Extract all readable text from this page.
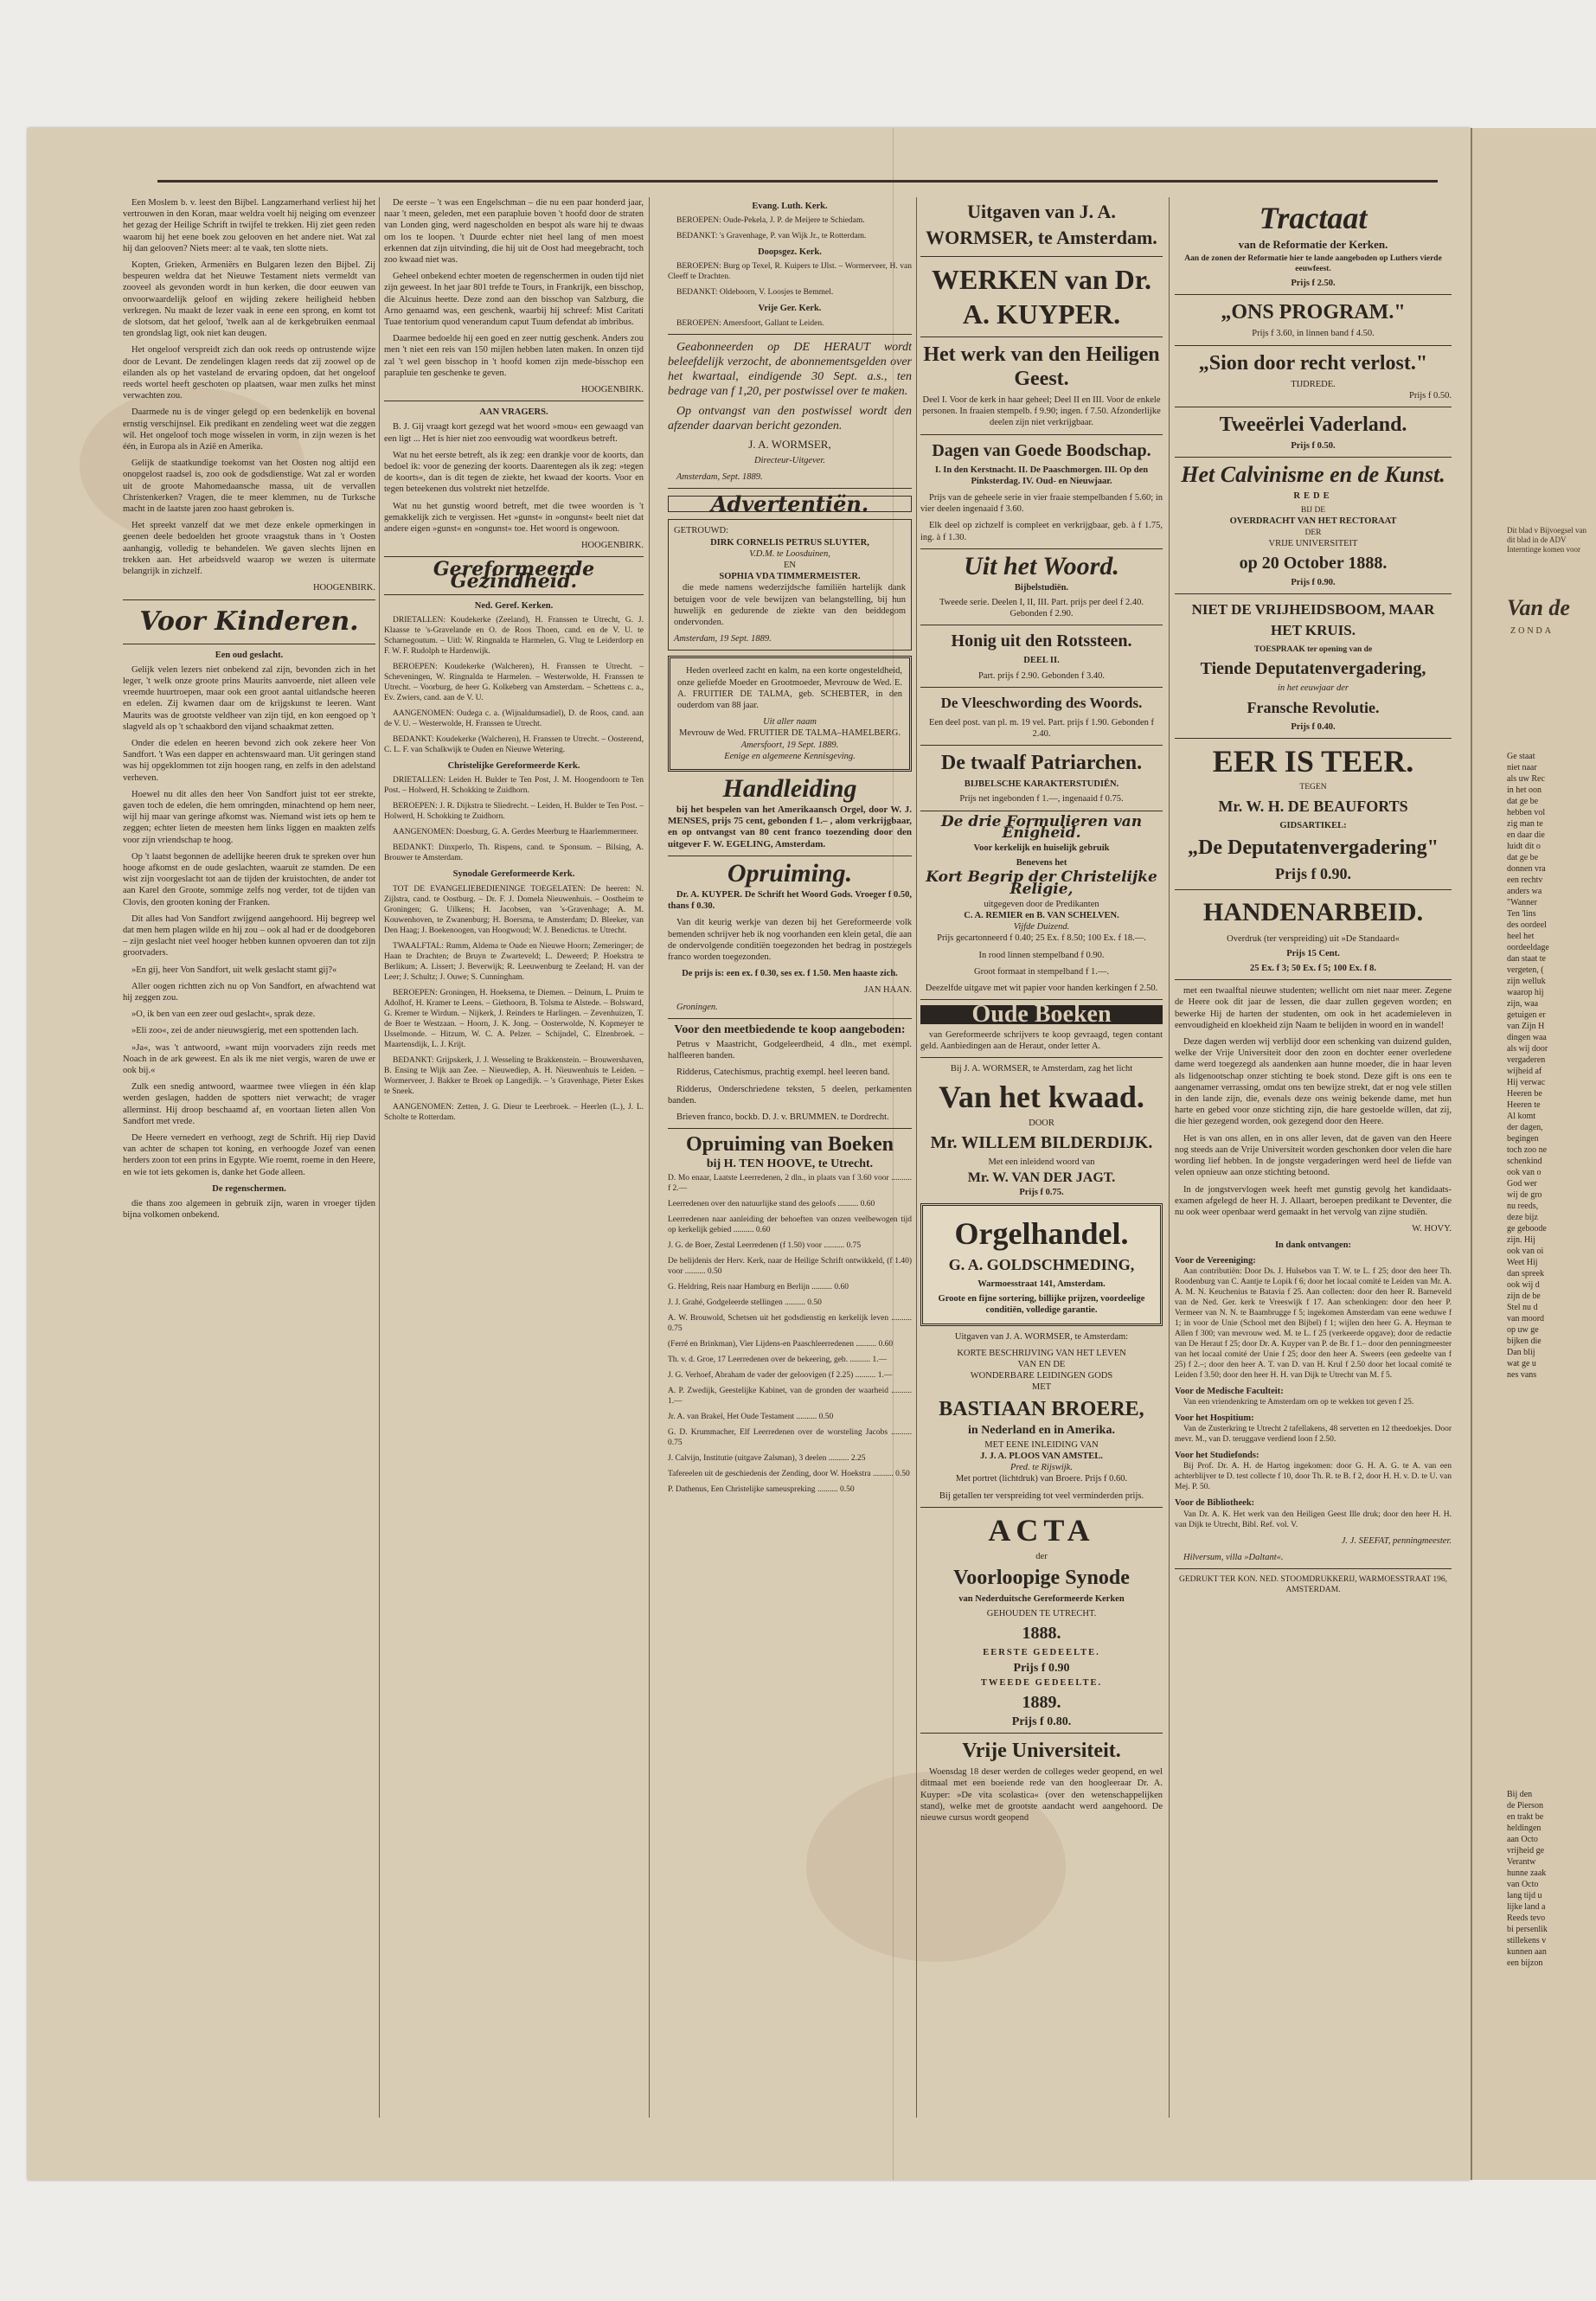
Een Moslem b. v. leest den Bijbel. Langzamerhand verliest hij het vertrouwen in den Koran, maar weldra voelt hij neiging om evenzeer het gezag der Heilige Schrift in twijfel te trekken. Hij ziet geen reden waarom hij het eene boek zou gelooven en het andere niet. Wat zal hij dan gelooven? Niets meer: al te vaak, ten slotte niets.

Kopten, Grieken, Armeniërs en Bulgaren lezen den Bijbel. Zij bespeuren weldra dat het Nieuwe Testament niets vermeldt van zooveel als gevonden wordt in hun kerken, die door eeuwen van onvoorwaardelijk geloof en wijding zekere heiligheid hebben verkregen. Nu maakt de lezer vaak in eene een sprong, en komt tot de slotsom, dat het geloof, 'twelk aan al de kerkgebruiken eenmaal ten grondslag ligt, ook niet kan deugen.

Het ongeloof verspreidt zich dan ook reeds op ontrustende wijze door de Levant. De zendelingen klagen reeds dat zij zoowel op de eilanden als op het vasteland de ervaring opdoen, dat het ongeloof reeds wortel heeft geschoten op plaatsen, waar men zulks het minst verwachten zou.

Daarmede nu is de vinger gelegd op een bedenkelijk en bovenal ernstig verschijnsel. Eik predikant en zendeling weet wat die zeggen wil. Het ongeloof toch moge wisselen in vorm, in zijn wezen is het één, in Europa als in Azië en Amerika.

Gelijk de staatkundige toekomst van het Oosten nog altijd een onopgelost raadsel is, zoo ook de godsdienstige. Wat zal er worden uit de groote Mahomedaansche massa, uit de vervallen Christenkerken? Vragen, die te meer klemmen, nu de Turksche macht in de laatste jaren zoo haast gebroken is.

Het spreekt vanzelf dat we met deze enkele opmerkingen in geenen deele bedoelden het groote vraagstuk thans in 't Oosten aanhangig, volledig te behandelen. We gaven slechts lijnen en trekken aan. Het arbeidsveld waarop we wezen is uitermate belangrijk in zichzelf.

HOOGENBIRK.

Voor Kinderen.
Een oud geslacht.

Gelijk velen lezers niet onbekend zal zijn, bevonden zich in het leger, 't welk onze groote prins Maurits aanvoerde, niet alleen vele vreemde huurtroepen, maar ook een groot aantal uitlandsche heeren en edelen. Zij kwamen daar om de krijgskunst te leeren. Want Maurits was de grootste veldheer van zijn tijd, en kon eengoed op 't slagveld als op 't schaakbord den vijand schaakmat zetten.

Onder die edelen en heeren bevond zich ook zekere heer Von Sandfort. 't Was een dapper en achtenswaard man. Uit geringen stand was hij opgeklommen tot zijn hoogen rang, en zelfs in den adelstand verheven.

Hoewel nu dit alles den heer Von Sandfort juist tot eer strekte, gaven toch de edelen, die hem omringden, minachtend op hem neer, wijl hij maar van geringe afkomst was. Niemand wist iets op hem te zeggen; echter lieten de meesten hem links liggen en maakten zelfs voor zijn vriendschap te hoog.

Op 't laatst begonnen de adellijke heeren druk te spreken over hun hooge afkomst en de oude geslachten, waaruit ze stamden. De een wist zijn voorgeslacht tot aan de tijden der kruistochten, de ander tot aan Karel den Groote, sommige zelfs nog verder, tot de tijden van Clovis, den grooten koning der Franken.

Dit alles had Von Sandfort zwijgend aangehoord. Hij begreep wel dat men hem plagen wilde en hij zou – ook al had er de doodgeboren – zijn geslacht niet veel hooger hebben kunnen opvoeren dan tot zijn grootvaders.

»En gij, heer Von Sandfort, uit welk geslacht stamt gij?«

Aller oogen richtten zich nu op Von Sandfort, en afwachtend wat hij zeggen zou.

»O, ik ben van een zeer oud geslacht«, sprak deze.

»Eli zoo«, zei de ander nieuwsgierig, met een spottenden lach.

»Ja«, was 't antwoord, »want mijn voorvaders zijn reeds met Noach in de ark geweest. En als ik me niet vergis, waren de uwe er ook bij.«

Zulk een snedig antwoord, waarmee twee vliegen in één klap werden geslagen, hadden de spotters niet verwacht; de vrager allerminst. Hij droop beschaamd af, en voortaan lieten allen Von Sandfort met vrede.

De Heere vernedert en verhoogt, zegt de Schrift. Hij riep David van achter de schapen tot koning, en verhoogde Jozef van eenen herders zoon tot een prins in Egypte. Wie roemt, roeme in den Heere, en wie tot iets gekomen is, danke het Gode alleen.

De regenschermen.

die thans zoo algemeen in gebruik zijn, waren in vroeger tijden bijna volkomen onbekend.

De eerste – 't was een Engelschman – die nu een paar honderd jaar, naar 't meen, geleden, met een parapluie boven 't hoofd door de straten van Londen ging, werd nagescholden en bespot als ware hij te dwaas om los te loopen. 't Duurde echter niet heel lang of men moest erkennen dat zijn uitvinding, die hij uit de Oost had meegebracht, toch zoo kwaad niet was.

Geheel onbekend echter moeten de regenschermen in ouden tijd niet zijn geweest. In het jaar 801 trefde te Tours, in Frankrijk, een bisschop, die Alcuinus heette. Deze zond aan den bisschop van Salzburg, die Arno genaamd was, een geschenk, waarbij hij schreef: Mist Caritati Tuae tentorium quod venerandum caput Tuum defendat ab imbribus.

Daarmee bedoelde hij een goed en zeer nuttig geschenk. Anders zou men 't niet een reis van 150 mijlen hebben laten maken. In onzen tijd zal 't wel geen bisschop in 't hoofd komen zijn mede-bisschop een parapluie ten geschenke te geven.

HOOGENBIRK.

AAN VRAGERS.

B. J. Gij vraagt kort gezegd wat het woord »mou« een gewaagd van een ligt ... Het is hier niet zoo eenvoudig wat woordkeus betreft.

Wat nu het eerste betreft, als ik zeg: een drankje voor de koorts, dan bedoel ik: voor de genezing der koorts. Daarentegen als ik zeg: »tegen de koorts«, dan is dit tegen de ziekte, het kwaad der koorts. Voor en tegen beteekenen dus volstrekt niet hetzelfde.

Wat nu het gunstig woord betreft, met die twee woorden is 't gemakkelijk zich te vergissen. Het »gunst« in »ongunst« beelt niet dat andere eigen »gunst« en »ongunst« toe. Het woord is ongewoon.

HOOGENBIRK.

Gereformeerde Gezindheid.
Ned. Geref. Kerken.

DRIETALLEN: Koudekerke (Zeeland), H. Franssen te Utrecht, G. J. Klaasse te 's-Gravelande en O. de Roos Thoen, cand. en de V. U. te Scharnegoutum. – Uitl: W. Ringnalda te Harmelen, G. Vlug te Leiderdorp en F. W. F. Rudolph te Hardenwijk.

BEROEPEN: Koudekerke (Walcheren), H. Franssen te Utrecht. – Scheveningen, W. Ringnalda te Harmelen. – Westerwolde, H. Franssen te Utrecht. – Voorburg, de heer G. Kolkeberg van Amsterdam. – Schettens c. a., Ev. Zwiers, cand. aan de V. U.

AANGENOMEN: Oudega c. a. (Wijnaldumsadiel), D. de Roos, cand. aan de V. U. – Westerwolde, H. Franssen te Utrecht.

BEDANKT: Koudekerke (Walcheren), H. Franssen te Utrecht. – Oosterend, C. L. F. van Schalkwijk te Ouden en Nieuwe Wetering.

Christelijke Gereformeerde Kerk.

DRIETALLEN: Leiden H. Bulder te Ten Post, J. M. Hoogendoorn te Ten Post. – Holwerd, H. Schokking te Zuidhorn.

BEROEPEN: J. R. Dijkstra te Sliedrecht. – Leiden, H. Bulder te Ten Post. – Holwerd, H. Schokking te Zuidhorn.

AANGENOMEN: Doesburg, G. A. Gerdes Meerburg te Haarlemmermeer.

BEDANKT: Dinxperlo, Th. Rispens, cand. te Sponsum. – Bilsing, A. Brouwer te Amsterdam.

Synodale Gereformeerde Kerk.

TOT DE EVANGELIEBEDIENINGE TOEGELATEN: De heeren: N. Zijlstra, cand. te Oostburg. – Dr. F. J. Domela Nieuwenhuis. – Oostheim te Groningen; G. Uilkens; H. Jacobsen, van 's-Gravenhage; A. M. Kouwenhoven, te Zwanenburg; H. Boersma, te Amsterdam; D. Bleeker, van Den Haag; J. Boekenoogen, van Hoogwoud; W. J. Benedictus. te Utrecht.

TWAALFTAL: Rumm, Aldema te Oude en Nieuwe Hoorn; Zemeringer; de Haan te Drachten; de Bruyn te Zwarteveld; L. Deweerd; P. Hoekstra te Berlikum; A. Lissert; J. Beverwijk; R. Leeuwenburg te Zeeland; H. van der Leer; J. Schultz; J. Ouwe; S. Cunningham.

BEROEPEN: Groningen, H. Hoeksema, te Diemen. – Deinum, L. Pruim te Adolhof, H. Kramer te Leens. – Giethoorn, B. Tolsma te Alstede. – Bolsward, G. Kremer te Wirdum. – Nijkerk, J. Reinders te Harlingen. – Zevenhuizen, T. de Boer te Westzaan. – Hoorn, J. K. Jong. – Oosterwolde, N. Kopmeyer te IJsselmonde. – Hitzum, W. C. A. Pelzer. – Schijndel, C. Elzenbroek. – Maartensdijk, L. J. Krijt.

BEDANKT: Grijpskerk, J. J. Wesseling te Brakkenstein. – Brouwershaven, B. Ensing te Wijk aan Zee. – Nieuwediep, A. H. Nieuwenhuis te Leiden. – Wormerveer, J. Bakker te Broek op Langedijk. – 's Gravenhage, Pieter Eskes te Sneek.

AANGENOMEN: Zetten, J. G. Dieur te Leerbroek. – Heerlen (L.), J. L. Scholte te Rotterdam.

Evang. Luth. Kerk.

BEROEPEN: Oude-Pekela, J. P. de Meijere te Schiedam.

BEDANKT: 's Gravenhage, P. van Wijk Jr., te Rotterdam.

Doopsgez. Kerk.

BEROEPEN: Burg op Texel, R. Kuipers te IJlst. – Wormerveer, H. van Cleeff te Drachten.

BEDANKT: Oldeboorn, V. Loosjes te Bemmel.

Vrije Ger. Kerk.

BEROEPEN: Amersfoort, Gallant te Leiden.

Geabonneerden op DE HERAUT wordt beleefdelijk verzocht, de abonnementsgelden over het kwartaal, eindigende 30 Sept. a.s., ten bedrage van f 1,20, per postwissel over te maken.

Op ontvangst van den postwissel wordt den afzender daarvan bericht gezonden.

J. A. WORMSER,

Directeur-Uitgever.

Amsterdam, Sept. 1889.

Advertentiën.
GETROUWD:
DIRK CORNELIS PETRUS SLUYTER,
V.D.M. te Loosduinen,
EN
SOPHIA VDA TIMMERMEISTER.

die mede namens wederzijdsche familiën hartelijk dank betuigen voor de vele bewijzen van belangstelling, bij hun huwelijk en gedurende de ziekte van den beiddegom ondervonden.

Amsterdam, 19 Sept. 1889.

Heden overleed zacht en kalm, na een korte ongesteldheid, onze geliefde Moeder en Grootmoeder, Mevrouw de Wed. E. A. FRUITIER DE TALMA, geb. SCHEBTER, in den ouderdom van 88 jaar.

Uit aller naam
Mevrouw de Wed. FRUITIER DE TALMA–HAMELBERG.
Amersfoort, 19 Sept. 1889.
Eenige en algemeene Kennisgeving.
Handleiding

bij het bespelen van het Amerikaansch Orgel, door W. J. MENSES, prijs 75 cent, gebonden f 1.– , alom verkrijgbaar, en op ontvangst van 80 cent franco toezending door den uitgever F. W. EGELING, Amsterdam.

Opruiming.

Dr. A. KUYPER. De Schrift het Woord Gods. Vroeger f 0.50, thans f 0.30.

Van dit keurig werkje van dezen bij het Gereformeerde volk bemenden schrijver heb ik nog voorhanden een klein getal, die aan de ondervolgende conditiën toegezonden het bedrag in postzegels franco worden toegezonden.

De prijs is: een ex. f 0.30, ses ex. f 1.50. Men haaste zich.

JAN HAAN.

Groningen.

Voor den meetbiedende te koop aangeboden:

Petrus v Maastricht, Godgeleerdheid, 4 dln., met exempl. halfleeren banden.

Ridderus, Catechismus, prachtig exempl. heel leeren band.

Ridderus, Onderschriedene teksten, 5 deelen, perkamenten banden.

Brieven franco, bockb. D. J. v. BRUMMEN. te Dordrecht.

Opruiming van Boeken
bij H. TEN HOOVE, te Utrecht.

D. Mo enaar, Laatste Leerredenen, 2 dln., in plaats van f 3.60 voor .......... f 2.—

Leerredenen over den natuurlijke stand des geloofs .......... 0.60

Leerredenen naar aanleiding der behoeften van onzen veelbewogen tijd op kerkelijk gebied .......... 0.60

J. G. de Boer, Zestal Leerredenen (f 1.50) voor .......... 0.75

De belijdenis der Herv. Kerk, naar de Heilige Schrift ontwikkeld, (f 1.40) voor .......... 0.50

G. Heldring, Reis naar Hamburg en Berlijn .......... 0.60

J. J. Grahé, Godgeleerde stellingen .......... 0.50

A. W. Brouwold, Schetsen uit het godsdienstig en kerkelijk leven .......... 0.75

(Ferré en Brinkman), Vier Lijdens-en Paaschleerredenen .......... 0.60

Th. v. d. Groe, 17 Leerredenen over de bekeering, geb. .......... 1.—

J. G. Verhoef, Abraham de vader der geloovigen (f 2.25) .......... 1.—

A. P. Zwedijk, Geestelijke Kabinet, van de gronden der waarheid .......... 1.—

Jr. A. van Brakel, Het Oude Testament .......... 0.50

G. D. Krummacher, Elf Leerredenen over de worsteling Jacobs .......... 0.75

J. Calvijn, Institutie (uitgave Zalsman), 3 deelen .......... 2.25

Tafereelen uit de geschiedenis der Zending, door W. Hoekstra .......... 0.50

P. Dathenus, Een Christelijke sameuspreking .......... 0.50

Uitgaven van J. A. WORMSER, te Amsterdam.
WERKEN van Dr. A. KUYPER.
Het werk van den Heiligen Geest.

Deel I. Voor de kerk in haar geheel; Deel II en III. Voor de enkele personen. In fraaien stempelb. f 9.90; ingen. f 7.50. Afzonderlijke deelen zijn niet verkrijgbaar.

Dagen van Goede Boodschap.

I. In den Kerstnacht. II. De Paaschmorgen. III. Op den Pinksterdag. IV. Oud- en Nieuwjaar.

Prijs van de geheele serie in vier fraaie stempelbanden f 5.60; in vier deelen ingenaaid f 3.60.

Elk deel op zichzelf is compleet en verkrijgbaar, geb. à f 1.75, ing. à f 1.30.

Uit het Woord.
Bijbelstudiën.

Tweede serie. Deelen I, II, III. Part. prijs per deel f 2.40. Gebonden f 2.90.

Honig uit den Rotssteen.
DEEL II.

Part. prijs f 2.90. Gebonden f 3.40.

De Vleeschwording des Woords.

Een deel post. van pl. m. 19 vel. Part. prijs f 1.90. Gebonden f 2.40.

De twaalf Patriarchen.
BIJBELSCHE KARAKTERSTUDIËN.

Prijs net ingebonden f 1.—, ingenaaid f 0.75.

De drie Formulieren van Enigheid.
Voor kerkelijk en huiselijk gebruik
Benevens het
Kort Begrip der Christelijke Religie,
uitgegeven door de Predikanten
C. A. REMIER en B. VAN SCHELVEN.
Vijfde Duizend.

Prijs gecartonneerd f 0.40; 25 Ex. f 8.50; 100 Ex. f 18.—.

In rood linnen stempelband f 0.90.

Groot formaat in stempelband f 1.—.

Deezelfde uitgave met wit papier voor handen kerkingen f 2.50.

Oude Boeken

van Gereformeerde schrijvers te koop gevraagd, tegen contant geld. Aanbiedingen aan de Heraut, onder letter A.

Bij J. A. WORMSER, te Amsterdam, zag het licht

Van het kwaad.
DOOR
Mr. WILLEM BILDERDIJK.
Met een inleidend woord van
Mr. W. VAN DER JAGT.
Prijs f 0.75.
Orgelhandel.
G. A. GOLDSCHMEDING,
Warmoesstraat 141, Amsterdam.
Groote en fijne sortering, billijke prijzen, voordeelige conditiën, volledige garantie.

Uitgaven van J. A. WORMSER, te Amsterdam:

KORTE BESCHRIJVING VAN HET LEVEN
VAN EN DE
WONDERBARE LEIDINGEN GODS
MET
BASTIAAN BROERE,
in Nederland en in Amerika.
MET EENE INLEIDING VAN
J. J. A. PLOOS VAN AMSTEL.
Pred. te Rijswijk.

Met portret (lichtdruk) van Broere. Prijs f 0.60.

Bij getallen ter verspreiding tot veel verminderden prijs.

ACTA
der
Voorloopige Synode
van Nederduitsche Gereformeerde Kerken
GEHOUDEN TE UTRECHT.
1888.
EERSTE GEDEELTE.
Prijs f 0.90
TWEEDE GEDEELTE.
1889.
Prijs f 0.80.
Vrije Universiteit.

Woensdag 18 deser werden de colleges weder geopend, en wel ditmaal met een boeiende rede van den hoogleeraar Dr. A. Kuyper: »De vita scolastica« (over den wetenschappelijken stand), welke met de grootste aandacht werd aangehoord. De nieuwe cursus wordt geopend

Tractaat
van de Reformatie der Kerken.
Aan de zonen der Reformatie hier te lande aangeboden op Luthers vierde eeuwfeest.
Prijs f 2.50.
„ONS PROGRAM."
Prijs f 3.60, in linnen band f 4.50.
„Sion door recht verlost."
TIJDREDE.
Prijs f 0.50.
Tweeërlei Vaderland.
Prijs f 0.50.
Het Calvinisme en de Kunst.
REDE
BIJ DE
OVERDRACHT VAN HET RECTORAAT
DER
VRIJE UNIVERSITEIT
op 20 October 1888.
Prijs f 0.90.
NIET DE VRIJHEIDSBOOM, MAAR HET KRUIS.
TOESPRAAK ter opening van de
Tiende Deputatenvergadering,
in het eeuwjaar der
Fransche Revolutie.
Prijs f 0.40.
EER IS TEER.
TEGEN
Mr. W. H. DE BEAUFORTS
GIDSARTIKEL:
„De Deputatenvergadering"
Prijs f 0.90.
HANDENARBEID.
Overdruk (ter verspreiding) uit »De Standaard«
Prijs 15 Cent.
25 Ex. f 3; 50 Ex. f 5; 100 Ex. f 8.

met een twaalftal nieuwe studenten; wellicht om niet naar meer. Zegene de Heere ook dit jaar de lessen, die daar zullen gegeven worden; en bewerke Hij de harten der studenten, om ook in het academieleven in eenvoudigheid en kloekheid zijn Naam te belijden in woord en in wandel!

Deze dagen werden wij verblijd door een schenking van duizend gulden, welke der Vrije Universiteit door den zoon en dochter eener overledene dame werd toegezegd als aandenken aan hunne moeder, die in haar leven als lidgenootschap onzer stichting te boek stond. Deze gift is ons een te aangenamer verrassing, omdat ons ten bewijze strekt, dat er nog vele stillen in den lande zijn, die, evenals deze ons weinig bekende dame, met hun harte en gebed voor onze stichting zijn, die hare gestoelde willen, dat zij, die hier gezegend worden, ook gezegend door den Heere.

Het is van ons allen, en in ons aller leven, dat de gaven van den Heere nog steeds aan de Vrije Universiteit worden geschonken door velen die hare wording lief hebben. In de jongste vergaderingen werd heel de liefde van velen opnieuw aan onze stichting betoond.

In de jongstvervlogen week heeft met gunstig gevolg het kandidaats-examen afgelegd de heer H. J. Allaart, beroepen predikant te Deventer, die nu ook weer openbaar werd gemaakt in het vervolg van zijne studiën.

W. HOVY.

In dank ontvangen:
Voor de Vereeniging:

Aan contributiën: Door Ds. J. Hulsebos van T. W. te L. f 25; door den heer Th. Roodenburg van C. Aantje te Lopik f 6; door het locaal comité te Leiden van Mr. A. A. M. N. Keuchenius te Batavia f 25. Aan collecten: door den heer R. Barneveld van de Ned. Ger. kerk te Vreeswijk f 17. Aan schenkingen: door den heer P. Vermeer van N. N. te Baambrugge f 5; ingekomen Amsterdam van eene weduwe f 1; in voor de Unie (School met den Bijbel) f 1; wijlen den heer G. A. Heyman te Allen f 300; van mevrouw wed. M. te L. f 25 (verkeerde opgave); door de redactie van De Heraut f 25; door Dr. A. Kuyper van P. de Br. f 1.– door den penningmeester van het locaal comité der Unie f 25; door den heer A. Sweers (een gedeelte van f 25) f 2.–; door den heer A. T. van D. van H. Krul f 2.50 door het locaal comité te Leiden f 3.50; door den heer H. H. van Dijk te Utrecht van M. f 5.

Voor de Medische Faculteit:

Van een vriendenkring te Amsterdam om op te wekken tot geven f 25.

Voor het Hospitium:

Van de Zusterkring te Utrecht 2 tafellakens, 48 servetten en 12 theedoekjes. Door mevr. M., van D. teruggave verdiend loon f 2.50.

Voor het Studiefonds:

Bij Prof. Dr. A. H. de Hartog ingekomen: door G. H. A. G. te A. van een achterblijver te D. test collecte f 10, door Th. R. te B. f 2, door H. H. v. D. te U. van Mej. P. 50.

Voor de Bibliotheek:

Van Dr. A. K. Het werk van den Heiligen Geest Ille druk; door den heer H. H. van Dijk te Utrecht, Bibl. Ref. vol. V.

J. J. SEEFAT, penningmeester.

Hilversum, villa »Daltant«.

GEDRUKT TER KON. NED. STOOMDRUKKERIJ, WARMOESSTRAAT 196, AMSTERDAM.

Dit blad v Bijvoegsel van dit blad in de ADV Interntinge komen voor
Van de
ZONDA
Ge staat
niet naar
als uw Rec
in het oon
dat ge be
hebben vol
zig man te
en daar die
luidt dit o
dat ge be
donnen vra
een rechtv
anders wa
"Wanner
Ten 'lins
des oordeel
heel het
oordeeldage
dan staat te
vergeten, (
zijn welluk
waarop hij
zijn, waa
getuigen er
van Zijn H
dingen waa
als wij door
vergaderen
wijheid af
Hij verwac
Heeren be
Heeren te
Al komt
der dagen,
begingen
toch zoo ne
schenkind
ook van o
God wer
wij de gro
nu reeds,
deze bijz
ge geboode
zijn. Hij
ook van oi
Weet Hij
dan spreek
ook wij d
zijn de be
Stel nu d
van moord
op uw ge
bijken die
Dan blij
wat ge u
nes vans
Bij den
de Pierson
en trakt be
heldingen
aan Octo
vrijheid ge
Verantw
hunne zaak
van Octo
lang tijd u
lijke land a
Reeds tevo
bi persenlik
stillekens v
kunnen aan
een bijzon
